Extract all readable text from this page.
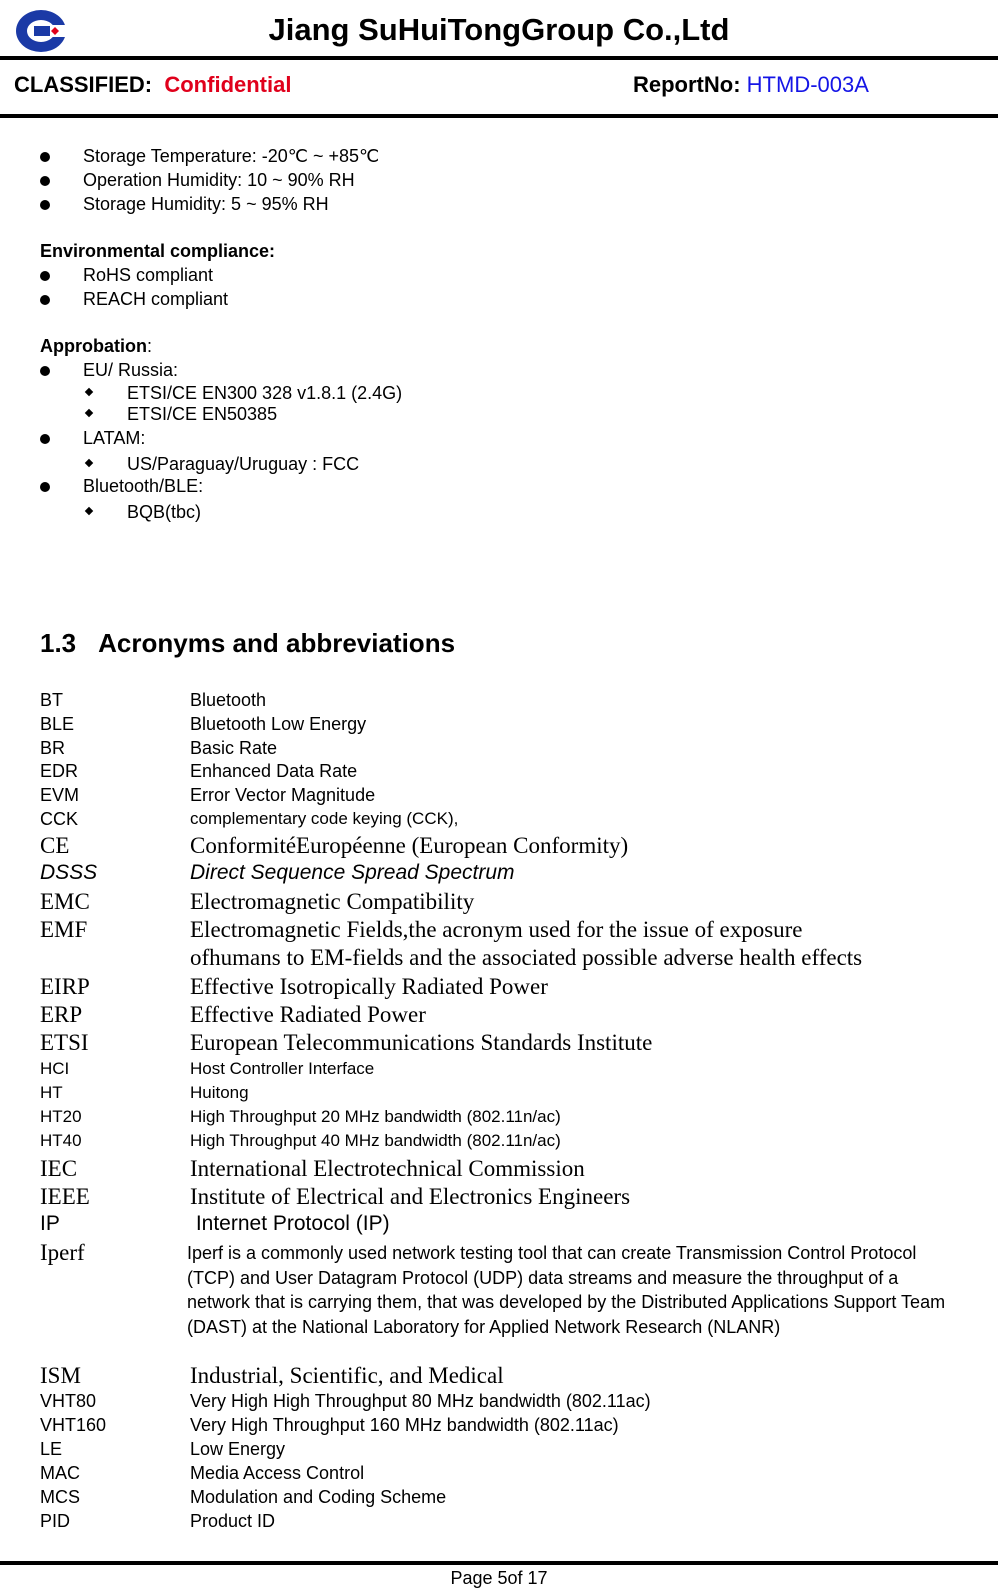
Jiang SuHuiTongGroup Co.,Ltd
CLASSIFIED: Confidential	ReportNo: HTMD-003A
Storage Temperature: -20℃ ~ +85℃
Operation Humidity: 10 ~ 90% RH
Storage Humidity: 5 ~ 95% RH
Environmental compliance:
RoHS compliant
REACH compliant
Approbation:
EU/ Russia:
ETSI/CE EN300 328 v1.8.1 (2.4G)
ETSI/CE EN50385
LATAM:
US/Paraguay/Uruguay : FCC
Bluetooth/BLE:
BQB(tbc)
1.3 Acronyms and abbreviations
BT	Bluetooth
BLE	Bluetooth Low Energy
BR	Basic Rate
EDR	Enhanced Data Rate
EVM	Error Vector Magnitude
CCK	complementary code keying (CCK),
CE	ConformitéEuropéenne (European Conformity)
DSSS	Direct Sequence Spread Spectrum
EMC	Electromagnetic Compatibility
EMF	Electromagnetic Fields,the acronym used for the issue of exposure
ofhumans to EM-fields and the associated possible adverse health effects
EIRP	Effective Isotropically Radiated Power
ERP	Effective Radiated Power
ETSI	European Telecommunications Standards Institute
HCI	Host Controller Interface
HT	Huitong
HT20	High Throughput 20 MHz bandwidth (802.11n/ac)
HT40	High Throughput 40 MHz bandwidth (802.11n/ac)
IEC	International Electrotechnical Commission
IEEE	Institute of Electrical and Electronics Engineers
IP	Internet Protocol (IP)
Iperf	Iperf is a commonly used network testing tool that can create Transmission Control Protocol (TCP) and User Datagram Protocol (UDP) data streams and measure the throughput of a network that is carrying them, that was developed by the Distributed Applications Support Team (DAST) at the National Laboratory for Applied Network Research (NLANR)
ISM	Industrial, Scientific, and Medical
VHT80	Very High High Throughput 80 MHz bandwidth (802.11ac)
VHT160	Very High Throughput 160 MHz bandwidth (802.11ac)
LE	Low Energy
MAC	Media Access Control
MCS	Modulation and Coding Scheme
PID	Product ID
Page 5of 17
